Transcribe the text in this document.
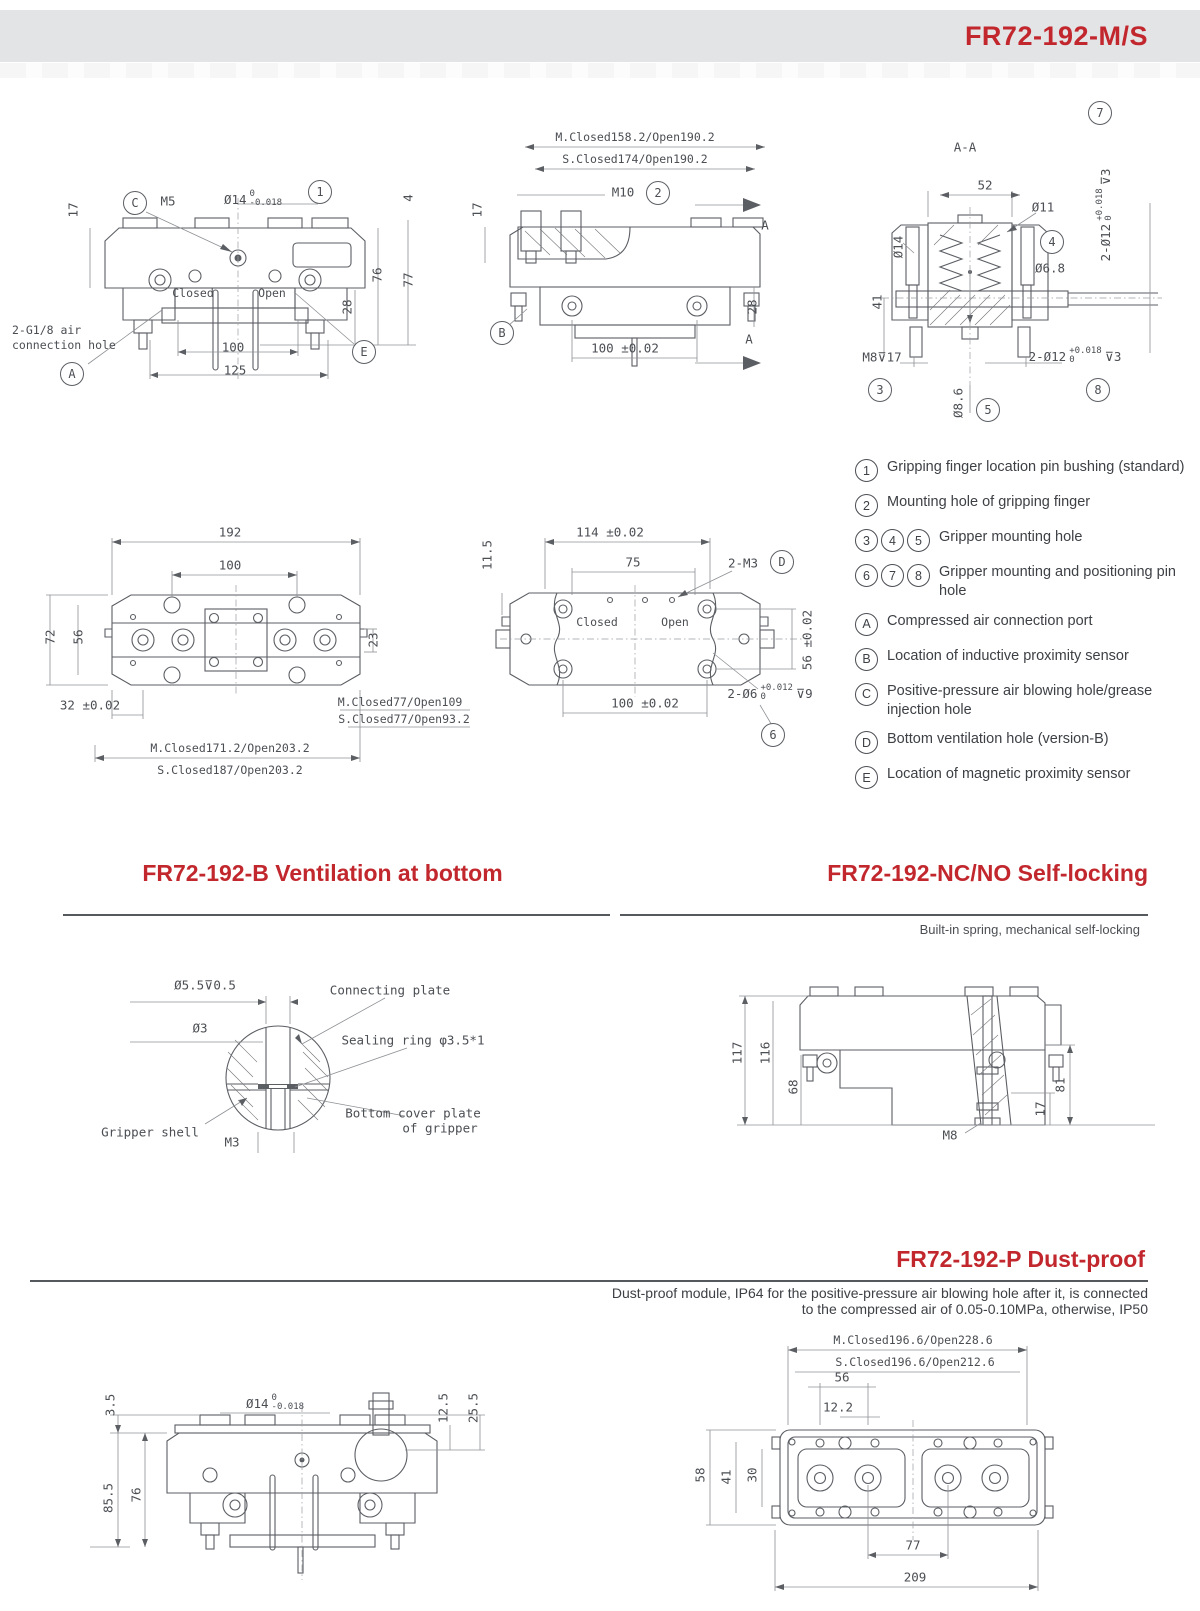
FR72-192-M/S
17	C	M5	Ø14 0
-0.018
1	4
76 77
28
Closed	Open
100
125
2-G1/8 air
connection hole
A
E
M.Closed158.2/Open190.2
S.Closed174/Open190.2
M10	2
17
A
A
28
B
100 ±0.02
A-A
7
2-Ø12
+0.018 0
⊽3
52
Ø11
Ø14	4
Ø6.8
41
M8⊽17
3
2-Ø12 +0.018
0	⊽3
8
Ø8.6	5
192
100
72 56	23
32 ±0.02	M.Closed77/Open109
S.Closed77/Open93.2
M.Closed171.2/Open203.2
S.Closed187/Open203.2
114 ±0.02
75
11.5	2-M3	D
Closed	Open	56 ±0.02
100 ±0.02
2-Ø6 +0.012
0	⊽9
6
1	Gripping finger location pin bushing (standard)
2	Mounting hole of gripping finger
3	4	5	Gripper mounting hole
6	7	8	Gripper mounting and positioning pin hole
A	Compressed air connection port
B	Location of inductive proximity sensor
C	Positive-pressure air blowing hole/grease injection hole
D	Bottom ventilation hole (version-B)
E	Location of magnetic proximity sensor
FR72-192-B Ventilation at bottom	FR72-192-NC/NO Self-locking
Built-in spring, mechanical self-locking
Ø5.5⊽0.5
Ø3
Connecting plate
Sealing ring φ3.5*1
Bottom cover plate
of gripper
Gripper shell
M3
117 116
68	81
17
M8
FR72-192-P Dust-proof
Dust-proof module, IP64 for the positive-pressure air blowing hole after it, is connected
to the compressed air of 0.05-0.10MPa, otherwise, IP50
3.5	Ø14 0
-0.018	12.5 25.5
85.5 76
M.Closed196.6/Open228.6
S.Closed196.6/Open212.6
56
12.2
58 41 30
77
209
